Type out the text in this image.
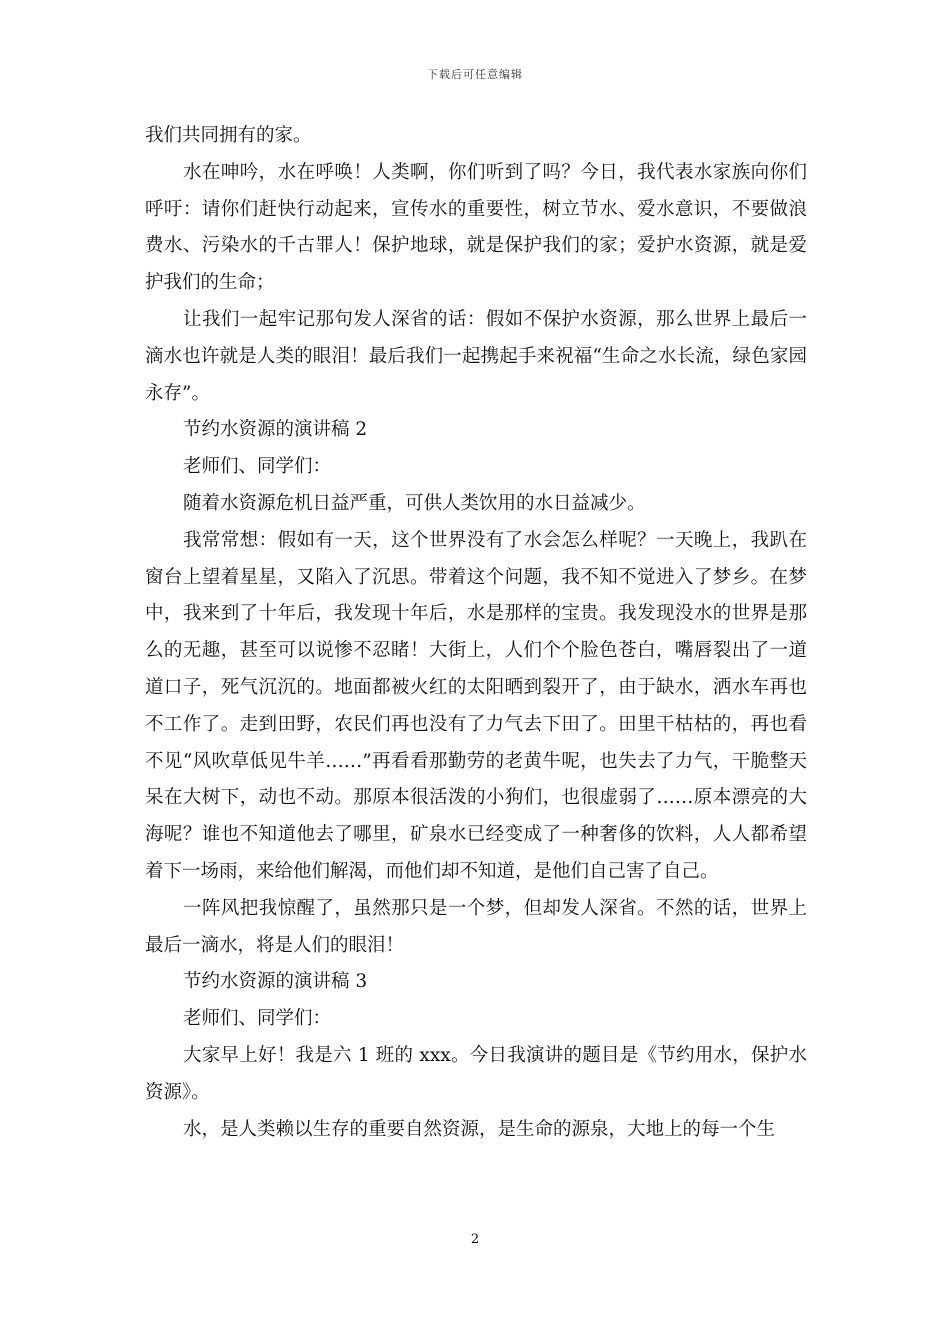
下载后可任意编辑

我们共同拥有的家。

水在呻吟，水在呼唤！人类啊，你们听到了吗？今日，我代表水家族向你们呼吁：请你们赶快行动起来，宣传水的重要性，树立节水、爱水意识，不要做浪费水、污染水的千古罪人！保护地球，就是保护我们的家；爱护水资源，就是爱护我们的生命；

让我们一起牢记那句发人深省的话：假如不保护水资源，那么世界上最后一滴水也许就是人类的眼泪！最后我们一起携起手来祝福“生命之水长流，绿色家园永存”。

节约水资源的演讲稿 2

老师们、同学们：

随着水资源危机日益严重，可供人类饮用的水日益减少。

我常常想：假如有一天，这个世界没有了水会怎么样呢？一天晚上，我趴在窗台上望着星星，又陷入了沉思。带着这个问题，我不知不觉进入了梦乡。在梦中，我来到了十年后，我发现十年后，水是那样的宝贵。我发现没水的世界是那么的无趣，甚至可以说惨不忍睹！大街上，人们个个脸色苍白，嘴唇裂出了一道道口子，死气沉沉的。地面都被火红的太阳晒到裂开了，由于缺水，洒水车再也不工作了。走到田野，农民们再也没有了力气去下田了。田里干枯枯的，再也看不见“风吹草低见牛羊……”再看看那勤劳的老黄牛呢，也失去了力气，干脆整天呆在大树下，动也不动。那原本很活泼的小狗们，也很虚弱了……原本漂亮的大海呢？谁也不知道他去了哪里，矿泉水已经变成了一种奢侈的饮料，人人都希望着下一场雨，来给他们解渴，而他们却不知道，是他们自己害了自己。

一阵风把我惊醒了，虽然那只是一个梦，但却发人深省。不然的话，世界上最后一滴水，将是人们的眼泪！

节约水资源的演讲稿 3

老师们、同学们：

大家早上好！我是六 1 班的 xxx。今日我演讲的题目是《节约用水，保护水资源》。

水，是人类赖以生存的重要自然资源，是生命的源泉，大地上的每一个生

2
